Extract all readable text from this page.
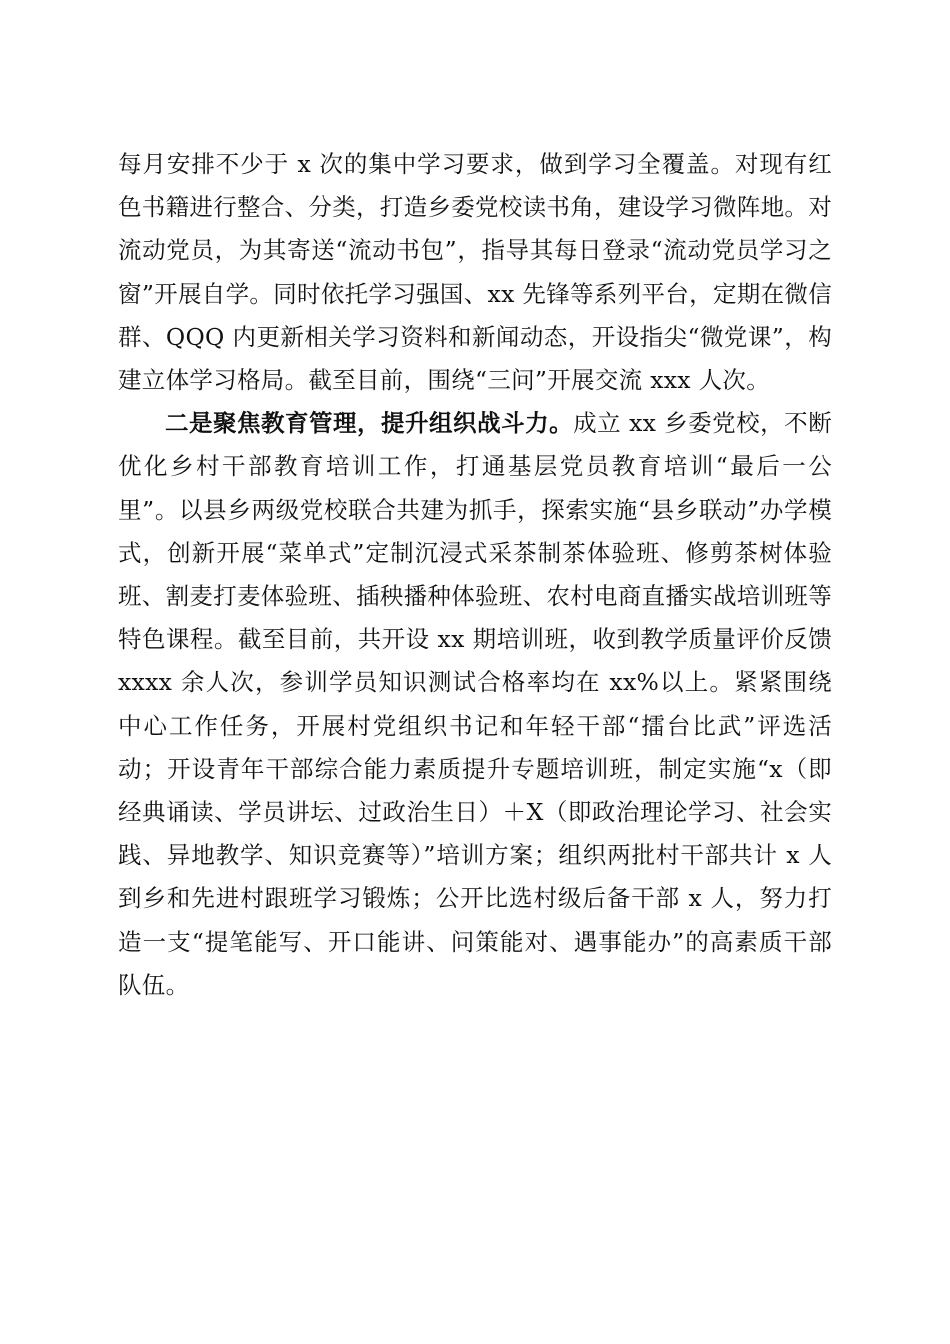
每月安排不少于 x 次的集中学习要求，做到学习全覆盖。对现有红色书籍进行整合、分类，打造乡委党校读书角，建设学习微阵地。对流动党员，为其寄送“流动书包”，指导其每日登录“流动党员学习之窗”开展自学。同时依托学习强国、xx 先锋等系列平台，定期在微信群、QQQ 内更新相关学习资料和新闻动态，开设指尖“微党课”，构建立体学习格局。截至目前，围绕“三问”开展交流 xxx 人次。

二是聚焦教育管理，提升组织战斗力。成立 xx 乡委党校，不断优化乡村干部教育培训工作，打通基层党员教育培训“最后一公里”。以县乡两级党校联合共建为抓手，探索实施“县乡联动”办学模式，创新开展“菜单式”定制沉浸式采茶制茶体验班、修剪茶树体验班、割麦打麦体验班、插秧播种体验班、农村电商直播实战培训班等特色课程。截至目前，共开设 xx 期培训班，收到教学质量评价反馈 xxxx 余人次，参训学员知识测试合格率均在 xx%以上。紧紧围绕中心工作任务，开展村党组织书记和年轻干部“擂台比武”评选活动；开设青年干部综合能力素质提升专题培训班，制定实施“x（即经典诵读、学员讲坛、过政治生日）＋X（即政治理论学习、社会实践、异地教学、知识竞赛等）”培训方案；组织两批村干部共计 x 人到乡和先进村跟班学习锻炼；公开比选村级后备干部 x 人，努力打造一支“提笔能写、开口能讲、问策能对、遇事能办”的高素质干部队伍。
